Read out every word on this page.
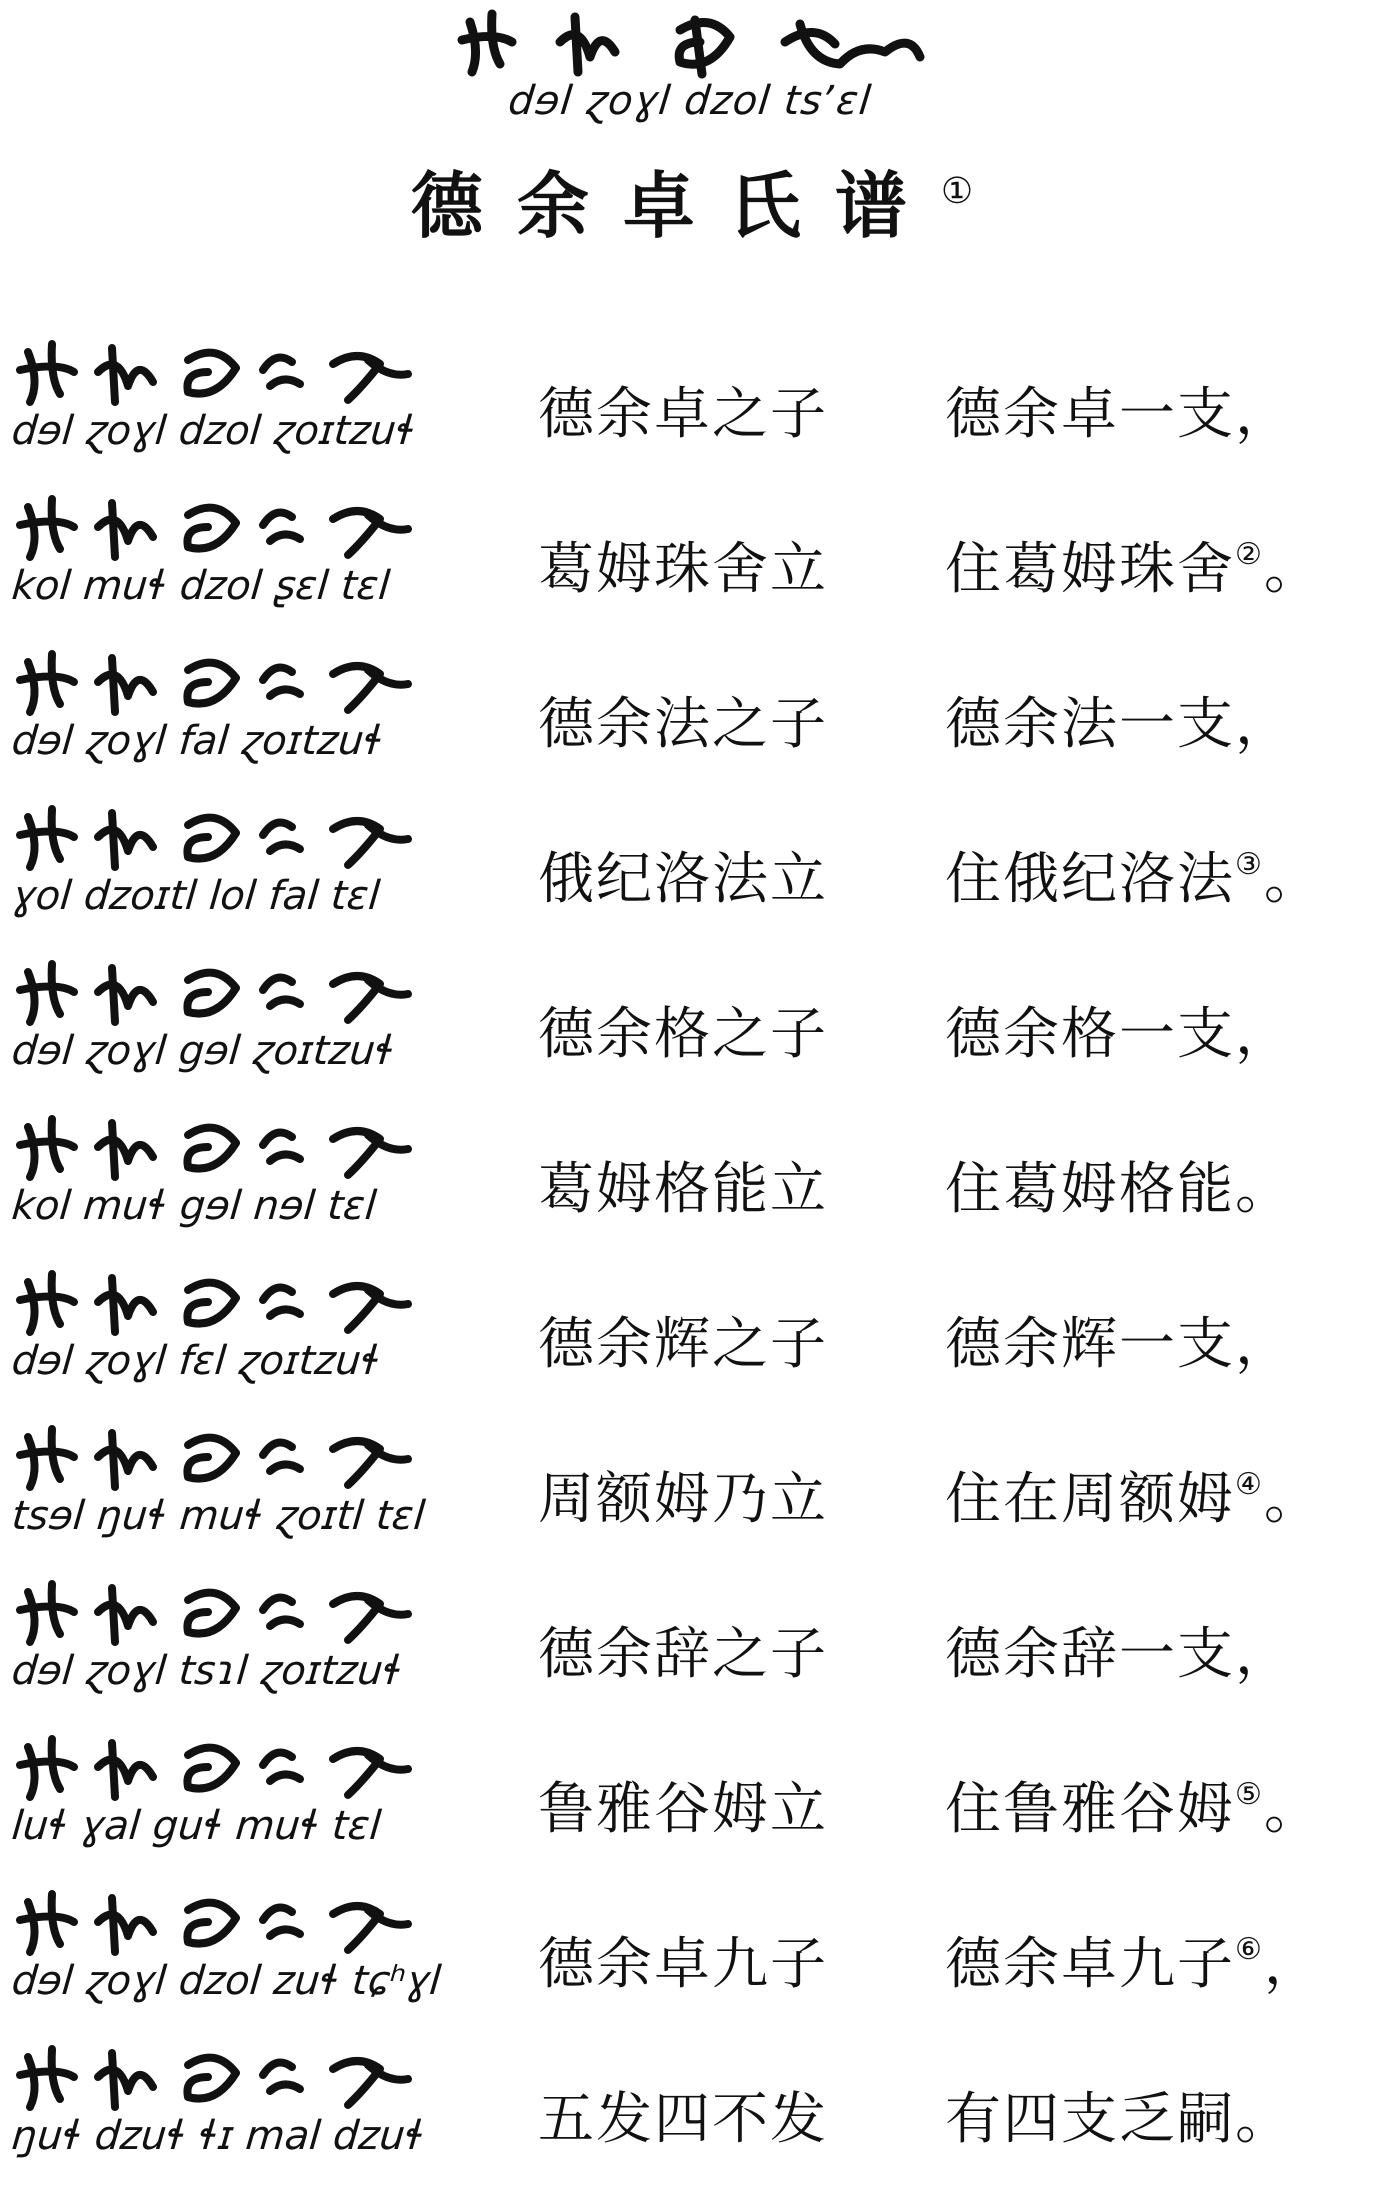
dɘl ɀoɣl dzol tsʼɛl
德余卓氏谱①
dɘl ɀoɣl dzol ɀoɪtzuɬ	德余卓之子	德余卓一支，
kol muɬ dzol ʂɛl tɛl	葛姆珠舍立	住葛姆珠舍②。
dɘl ɀoɣl fal ɀoɪtzuɬ	德余法之子	德余法一支，
ɣol dzoɪtl lol fal tɛl	俄纪洛法立	住俄纪洛法③。
dɘl ɀoɣl gɘl ɀoɪtzuɬ	德余格之子	德余格一支，
kol muɬ gɘl nɘl tɛl	葛姆格能立	住葛姆格能。
dɘl ɀoɣl fɛl ɀoɪtzuɬ	德余辉之子	德余辉一支，
tsɘl ŋuɬ muɬ ɀoɪtl tɛl	周额姆乃立	住在周额姆④。
dɘl ɀoɣl tsɿl ɀoɪtzuɬ	德余辞之子	德余辞一支，
luɬ ɣal guɬ muɬ tɛl	鲁雅谷姆立	住鲁雅谷姆⑤。
dɘl ɀoɣl dzol zuɬ tɕʰɣl 德余卓九子	德余卓九子⑥，
ŋuɬ dzuɬ ɬɪ mal dzuɬ	五发四不发	有四支乏嗣。
